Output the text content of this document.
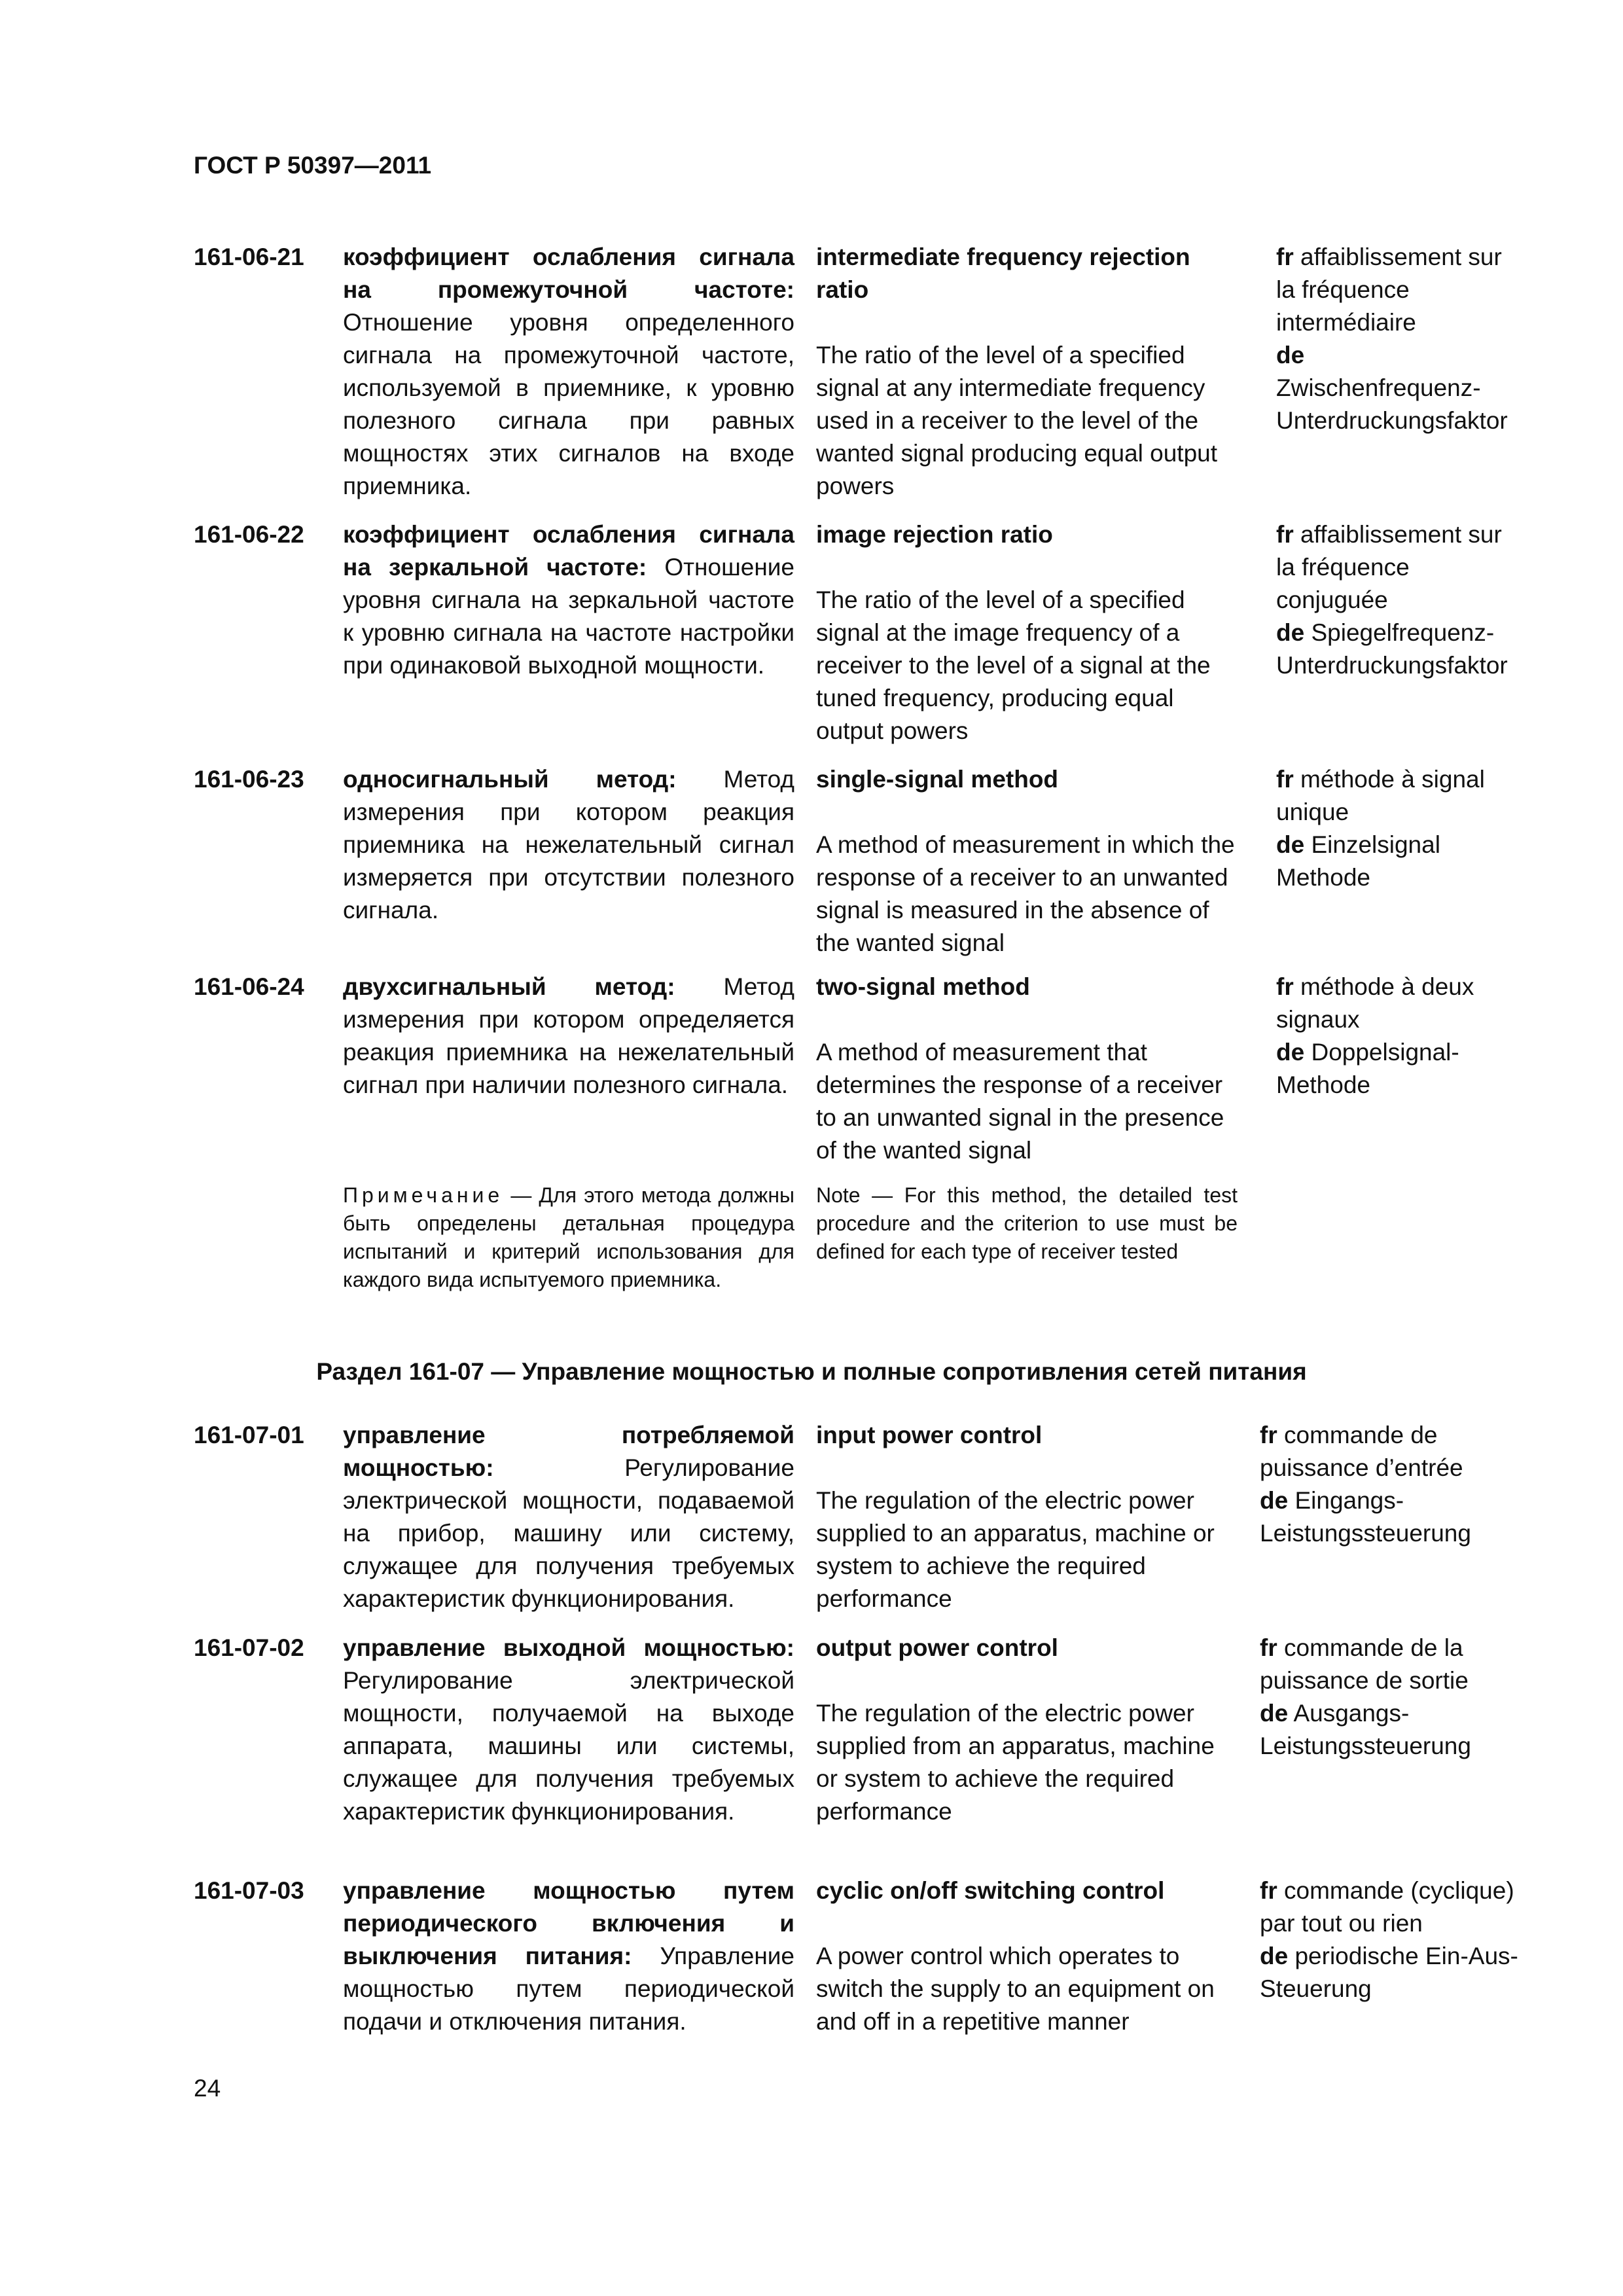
ГОСТ Р 50397—2011
161-06-21 коэффициент ослабления сигнала на промежуточной частоте: Отношение уровня определенного сигнала на промежуточной частоте, используемой в приемнике, к уровню полезного сигнала при равных мощностях этих сигналов на входе приемника.
intermediate frequency rejection ratio
The ratio of the level of a specified signal at any intermediate frequency used in a receiver to the level of the wanted signal producing equal output powers
fr affaiblissement sur la fréquence intermédiaire
de Zwischenfrequenz-Unterdruckungsfaktor
161-06-22 коэффициент ослабления сигнала на зеркальной частоте: Отношение уровня сигнала на зеркальной частоте к уровню сигнала на частоте настройки при одинаковой выходной мощности.
image rejection ratio
The ratio of the level of a specified signal at the image frequency of a receiver to the level of a signal at the tuned frequency, producing equal output powers
fr affaiblissement sur la fréquence conjuguée
de Spiegelfrequenz-Unterdruckungsfaktor
161-06-23 односигнальный метод: Метод измерения при котором реакция приемника на нежелательный сигнал измеряется при отсутствии полезного сигнала.
single-signal method
A method of measurement in which the response of a receiver to an unwanted signal is measured in the absence of the wanted signal
fr méthode à signal unique
de Einzelsignal Methode
161-06-24 двухсигнальный метод: Метод измерения при котором определяется реакция приемника на нежелательный сигнал при наличии полезного сигнала.
two-signal method
A method of measurement that determines the response of a receiver to an unwanted signal in the presence of the wanted signal
fr méthode à deux signaux
de Doppelsignal-Methode
Примечание — Для этого метода должны быть определены детальная процедура испытаний и критерий использования для каждого вида испытуемого приемника.
Note — For this method, the detailed test procedure and the criterion to use must be defined for each type of receiver tested
Раздел 161-07 — Управление мощностью и полные сопротивления сетей питания
161-07-01 управление потребляемой мощностью:	Регулирование электрической мощности, подаваемой на прибор, машину или систему, служащее для получения требуемых характеристик функционирования.
input power control
The regulation of the electric power supplied to an apparatus, machine or system to achieve the required performance
fr commande de puissance d’entrée
de Eingangs-Leistungssteuerung
161-07-02 управление выходной мощностью: Регулирование электрической мощности, получаемой на выходе аппарата, машины или системы, служащее для получения требуемых характеристик функционирования.
output power control
The regulation of the electric power supplied from an apparatus, machine or system to achieve the required performance
fr commande de la puissance de sortie
de Ausgangs-Leistungssteuerung
161-07-03 управление мощностью путем периодического включения и выключения питания: Управление мощностью путем периодической подачи и отключения питания.
cyclic on/off switching control
A power control which operates to switch the supply to an equipment on and off in a repetitive manner
fr commande (cyclique) par tout ou rien
de periodische Ein-Aus-Steuerung
24
